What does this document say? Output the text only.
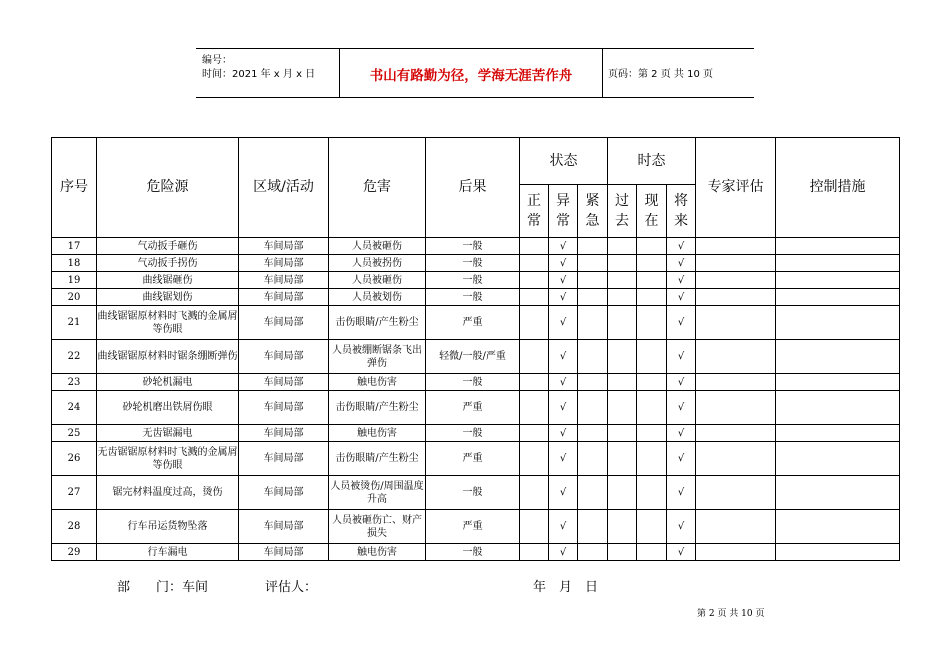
编号：
时间：2021 年 x 月 x 日	书山有路勤为径，学海无涯苦作舟	页码：第 2 页 共 10 页
序号	危险源	区域/活动	危害	后果	状态			时态			专家评估	控制措施
					正常	异常	紧急	过去	现在	将来		
17	气动扳手砸伤	车间局部	人员被砸伤	一般		√				√		
18	气动扳手拐伤	车间局部	人员被拐伤	一般		√				√		
19	曲线锯砸伤	车间局部	人员被砸伤	一般		√				√		
20	曲线锯划伤	车间局部	人员被划伤	一般		√				√		
21	曲线锯锯原材料时飞溅的金属屑等伤眼	车间局部	击伤眼睛/产生粉尘	严重		√				√		
22	曲线锯锯原材料时锯条绷断弹伤	车间局部	人员被绷断锯条飞出弹伤	轻微/一般/严重		√				√		
23	砂轮机漏电	车间局部	触电伤害	一般		√				√		
24	砂轮机磨出铁屑伤眼	车间局部	击伤眼睛/产生粉尘	严重		√				√		
25	无齿锯漏电	车间局部	触电伤害	一般		√				√		
26	无齿锯锯原材料时飞溅的金属屑等伤眼	车间局部	击伤眼睛/产生粉尘	严重		√				√		
27	锯完材料温度过高，烫伤	车间局部	人员被烫伤/周围温度升高	一般		√				√		
28	行车吊运货物坠落	车间局部	人员被砸伤亡、财产损失	严重		√				√		
29	行车漏电	车间局部	触电伤害	一般		√				√		
部　　门：车间	评估人：	年　月　日
第 2 页 共 10 页
